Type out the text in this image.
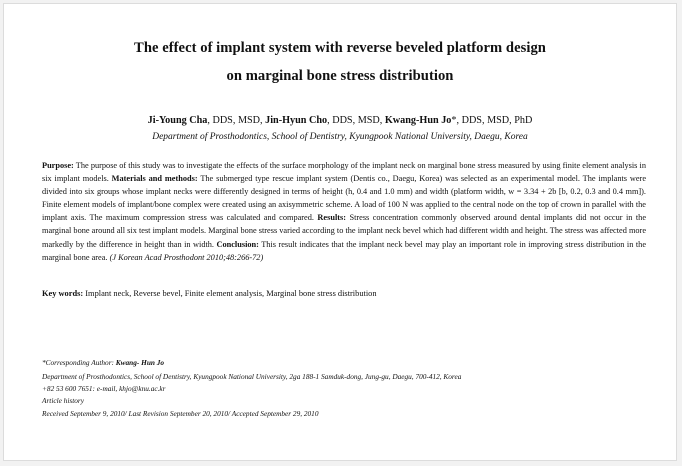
The effect of implant system with reverse beveled platform design
on marginal bone stress distribution
Ji-Young Cha, DDS, MSD, Jin-Hyun Cho, DDS, MSD, Kwang-Hun Jo*, DDS, MSD, PhD
Department of Prosthodontics, School of Dentistry, Kyungpook National University, Daegu, Korea
Purpose: The purpose of this study was to investigate the effects of the surface morphology of the implant neck on marginal bone stress measured by using finite element analysis in six implant models. Materials and methods: The submerged type rescue implant system (Dentis co., Daegu, Korea) was selected as an experimental model. The implants were divided into six groups whose implant necks were differently designed in terms of height (h, 0.4 and 1.0 mm) and width (platform width, w = 3.34 + 2b [b, 0.2, 0.3 and 0.4 mm]). Finite element models of implant/bone complex were created using an axisymmetric scheme. A load of 100 N was applied to the central node on the top of crown in parallel with the implant axis. The maximum compression stress was calculated and compared. Results: Stress concentration commonly observed around dental implants did not occur in the marginal bone around all six test implant models. Marginal bone stress varied according to the implant neck bevel which had different width and height. The stress was affected more markedly by the difference in height than in width. Conclusion: This result indicates that the implant neck bevel may play an important role in improving stress distribution in the marginal bone area. (J Korean Acad Prosthodont 2010;48:266-72)
Key words: Implant neck, Reverse bevel, Finite element analysis, Marginal bone stress distribution
*Corresponding Author: Kwang- Hun Jo
Department of Prosthodontics, School of Dentistry, Kyungpook National University, 2ga 188-1 Samduk-dong, Jung-gu, Daegu, 700-412, Korea
+82 53 600 7651: e-mail, khjo@knu.ac.kr
Article history
Received September 9, 2010/ Last Revision September 20, 2010/ Accepted September 29, 2010
